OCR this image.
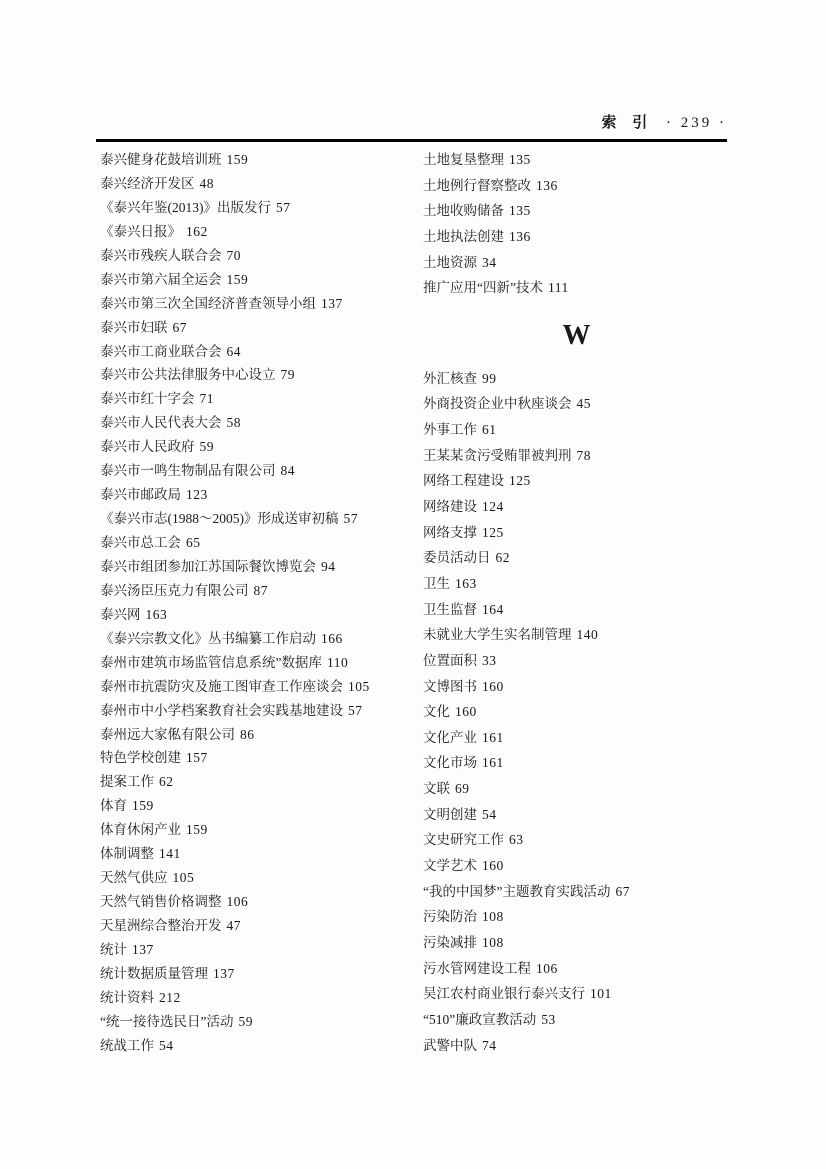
索 引 · 239 ·
泰兴健身花鼓培训班 159
泰兴经济开发区 48
《泰兴年鉴(2013)》出版发行 57
《泰兴日报》 162
泰兴市残疾人联合会 70
泰兴市第六届全运会 159
泰兴市第三次全国经济普查领导小组 137
泰兴市妇联 67
泰兴市工商业联合会 64
泰兴市公共法律服务中心设立 79
泰兴市红十字会 71
泰兴市人民代表大会 58
泰兴市人民政府 59
泰兴市一鸣生物制品有限公司 84
泰兴市邮政局 123
《泰兴市志(1988～2005)》形成送审初稿 57
泰兴市总工会 65
泰兴市组团参加江苏国际餐饮博览会 94
泰兴汤臣压克力有限公司 87
泰兴网 163
《泰兴宗教文化》丛书编纂工作启动 166
泰州市建筑市场监管信息系统”数据库 110
泰州市抗震防灾及施工图审查工作座谈会 105
泰州市中小学档案教育社会实践基地建设 57
泰州远大家俬有限公司 86
特色学校创建 157
提案工作 62
体育 159
体育休闲产业 159
体制调整 141
天然气供应 105
天然气销售价格调整 106
天星洲综合整治开发 47
统计 137
统计数据质量管理 137
统计资料 212
“统一接待选民日”活动 59
统战工作 54
土地复垦整理 135
土地例行督察整改 136
土地收购储备 135
土地执法创建 136
土地资源 34
推广应用“四新”技术 111
W
外汇核查 99
外商投资企业中秋座谈会 45
外事工作 61
王某某贪污受贿罪被判刑 78
网络工程建设 125
网络建设 124
网络支撑 125
委员活动日 62
卫生 163
卫生监督 164
未就业大学生实名制管理 140
位置面积 33
文博图书 160
文化 160
文化产业 161
文化市场 161
文联 69
文明创建 54
文史研究工作 63
文学艺术 160
“我的中国梦”主题教育实践活动 67
污染防治 108
污染减排 108
污水管网建设工程 106
吴江农村商业银行泰兴支行 101
“510”廉政宣教活动 53
武警中队 74
